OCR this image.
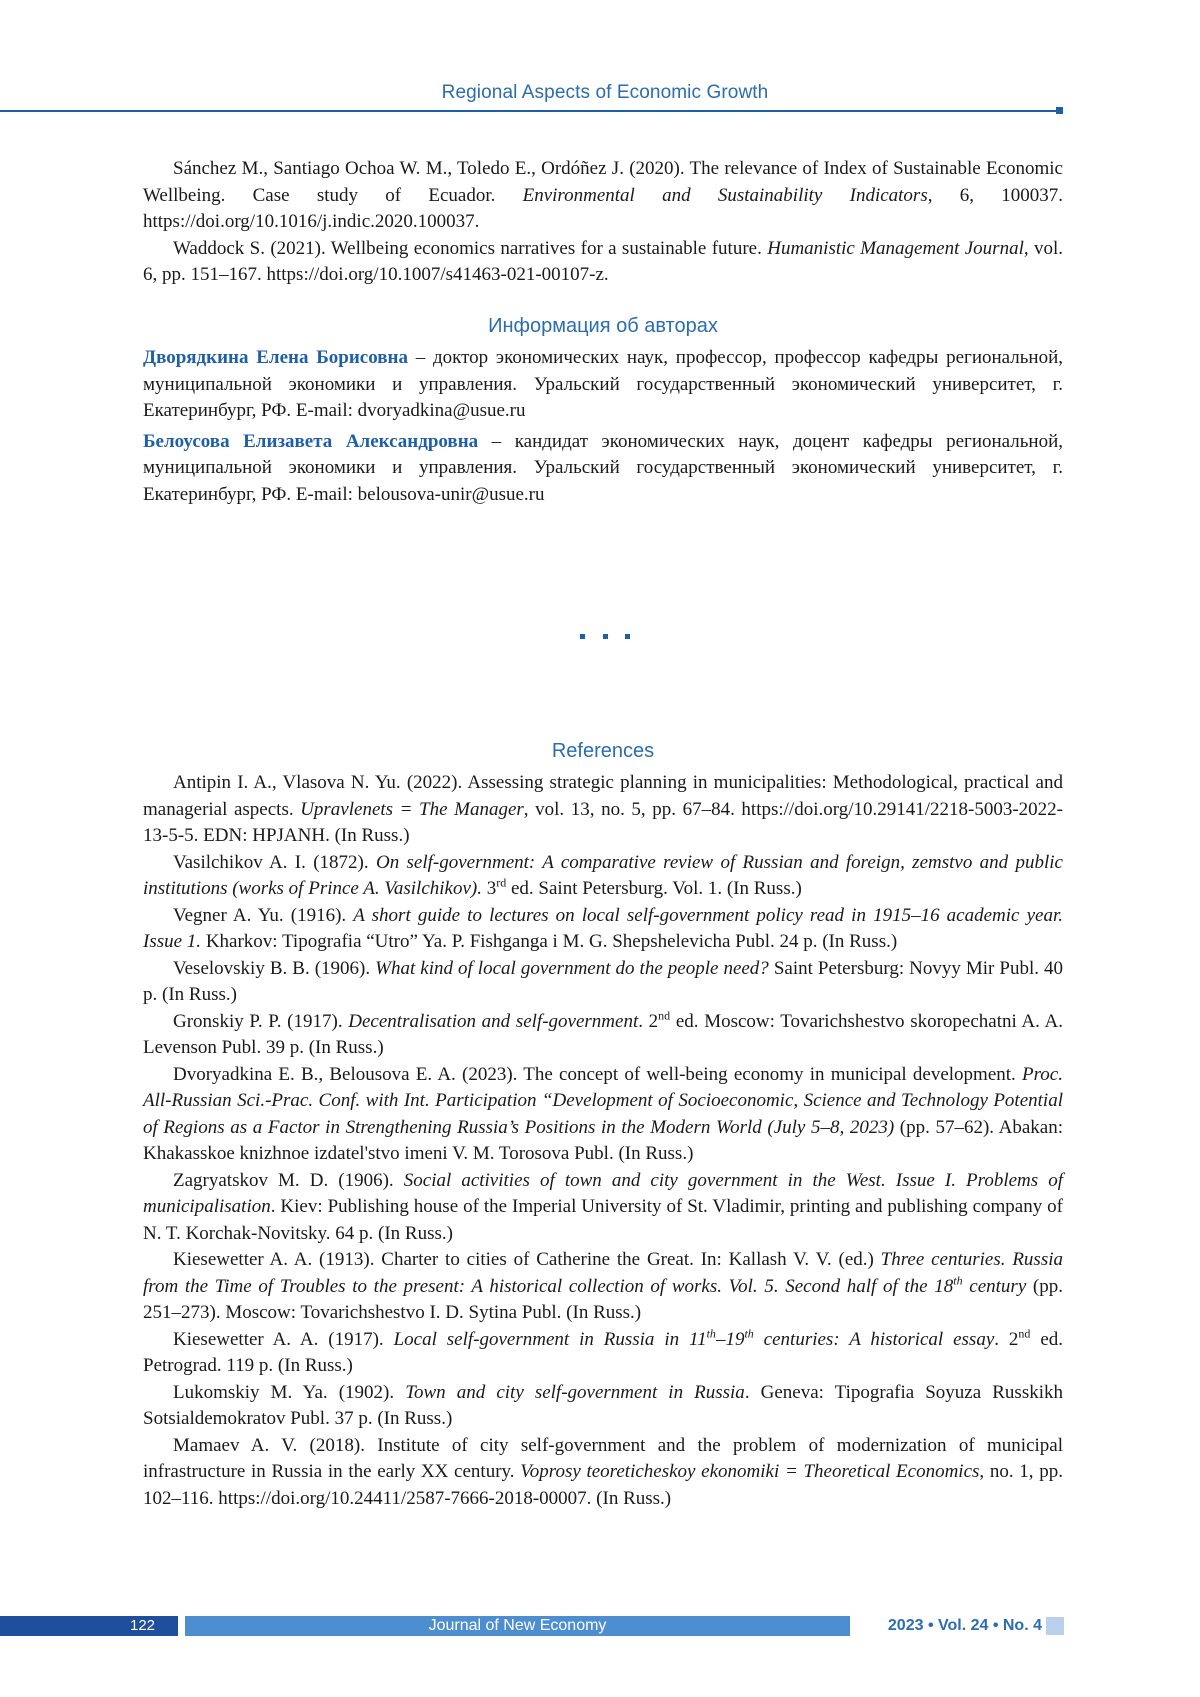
Regional Aspects of Economic Growth

Sánchez M., Santiago Ochoa W. M., Toledo E., Ordóñez J. (2020). The relevance of Index of Sustainable Economic Wellbeing. Case study of Ecuador. Environmental and Sustainability Indicators, 6, 100037. https://doi.org/10.1016/j.indic.2020.100037.

Waddock S. (2021). Wellbeing economics narratives for a sustainable future. Humanistic Management Journal, vol. 6, pp. 151–167. https://doi.org/10.1007/s41463-021-00107-z.

Информация об авторах

Дворядкина Елена Борисовна – доктор экономических наук, профессор, профессор кафедры региональной, муниципальной экономики и управления. Уральский государственный экономический университет, г. Екатеринбург, РФ. E-mail: dvoryadkina@usue.ru

Белоусова Елизавета Александровна – кандидат экономических наук, доцент кафедры региональной, муниципальной экономики и управления. Уральский государственный экономический университет, г. Екатеринбург, РФ. E-mail: belousova-unir@usue.ru

References

Antipin I. A., Vlasova N. Yu. (2022). Assessing strategic planning in municipalities: Methodological, practical and managerial aspects. Upravlenets = The Manager, vol. 13, no. 5, pp. 67–84. https://doi.org/10.29141/2218-5003-2022-13-5-5. EDN: HPJANH. (In Russ.)

Vasilchikov A. I. (1872). On self-government: A comparative review of Russian and foreign, zemstvo and public institutions (works of Prince A. Vasilchikov). 3rd ed. Saint Petersburg. Vol. 1. (In Russ.)

Vegner A. Yu. (1916). A short guide to lectures on local self-government policy read in 1915–16 academic year. Issue 1. Kharkov: Tipografia “Utro” Ya. P. Fishganga i M. G. Shepshelevicha Publ. 24 p. (In Russ.)

Veselovskiy B. B. (1906). What kind of local government do the people need? Saint Petersburg: Novyy Mir Publ. 40 p. (In Russ.)

Gronskiy P. P. (1917). Decentralisation and self-government. 2nd ed. Moscow: Tovarichshestvo skoropechatni A. A. Levenson Publ. 39 p. (In Russ.)

Dvoryadkina E. B., Belousova E. A. (2023). The concept of well-being economy in municipal development. Proc. All-Russian Sci.-Prac. Conf. with Int. Participation “Development of Socioeconomic, Science and Technology Potential of Regions as a Factor in Strengthening Russia’s Positions in the Modern World (July 5–8, 2023) (pp. 57–62). Abakan: Khakasskoe knizhnoe izdatel'stvo imeni V. M. Torosova Publ. (In Russ.)

Zagryatskov M. D. (1906). Social activities of town and city government in the West. Issue I. Problems of municipalisation. Kiev: Publishing house of the Imperial University of St. Vladimir, printing and publishing company of N. T. Korchak-Novitsky. 64 p. (In Russ.)

Kiesewetter A. A. (1913). Charter to cities of Catherine the Great. In: Kallash V. V. (ed.) Three centuries. Russia from the Time of Troubles to the present: A historical collection of works. Vol. 5. Second half of the 18th century (pp. 251–273). Moscow: Tovarichshestvo I. D. Sytina Publ. (In Russ.)

Kiesewetter A. A. (1917). Local self-government in Russia in 11th–19th centuries: A historical essay. 2nd ed. Petrograd. 119 p. (In Russ.)

Lukomskiy M. Ya. (1902). Town and city self-government in Russia. Geneva: Tipografia Soyuza Russkikh Sotsialdemokratov Publ. 37 p. (In Russ.)

Mamaev A. V. (2018). Institute of city self-government and the problem of modernization of municipal infrastructure in Russia in the early XX century. Voprosy teoreticheskoy ekonomiki = Theoretical Economics, no. 1, pp. 102–116. https://doi.org/10.24411/2587-7666-2018-00007. (In Russ.)

122	Journal of New Economy	2023 • Vol. 24 • No. 4
